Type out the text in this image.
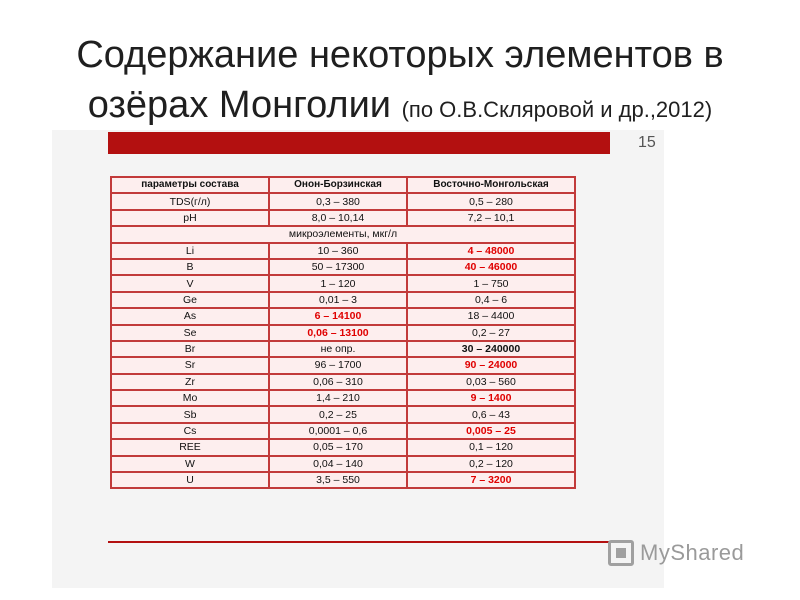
Содержание некоторых элементов в
озёрах Монголии (по О.В.Скляровой и др.,2012)
15
параметры состава	Онон-Борзинская	Восточно-Монгольская
TDS(г/л)	0,3 – 380	0,5 – 280
pH	8,0 – 10,14	7,2 – 10,1
микроэлементы, мкг/л		
Li	10 – 360	4 – 48000
B	50 – 17300	40 – 46000
V	1 – 120	1 – 750
Ge	0,01 – 3	0,4 – 6
As	6 – 14100	18 – 4400
Se	0,06 – 13100	0,2 – 27
Br	не опр.	30 – 240000
Sr	96 – 1700	90 – 24000
Zr	0,06 – 310	0,03 – 560
Mo	1,4 – 210	9 – 1400
Sb	0,2 – 25	0,6 – 43
Cs	0,0001 – 0,6	0,005 – 25
REE	0,05 – 170	0,1 – 120
W	0,04 – 140	0,2 – 120
U	3,5 – 550	7 – 3200
MyShared
